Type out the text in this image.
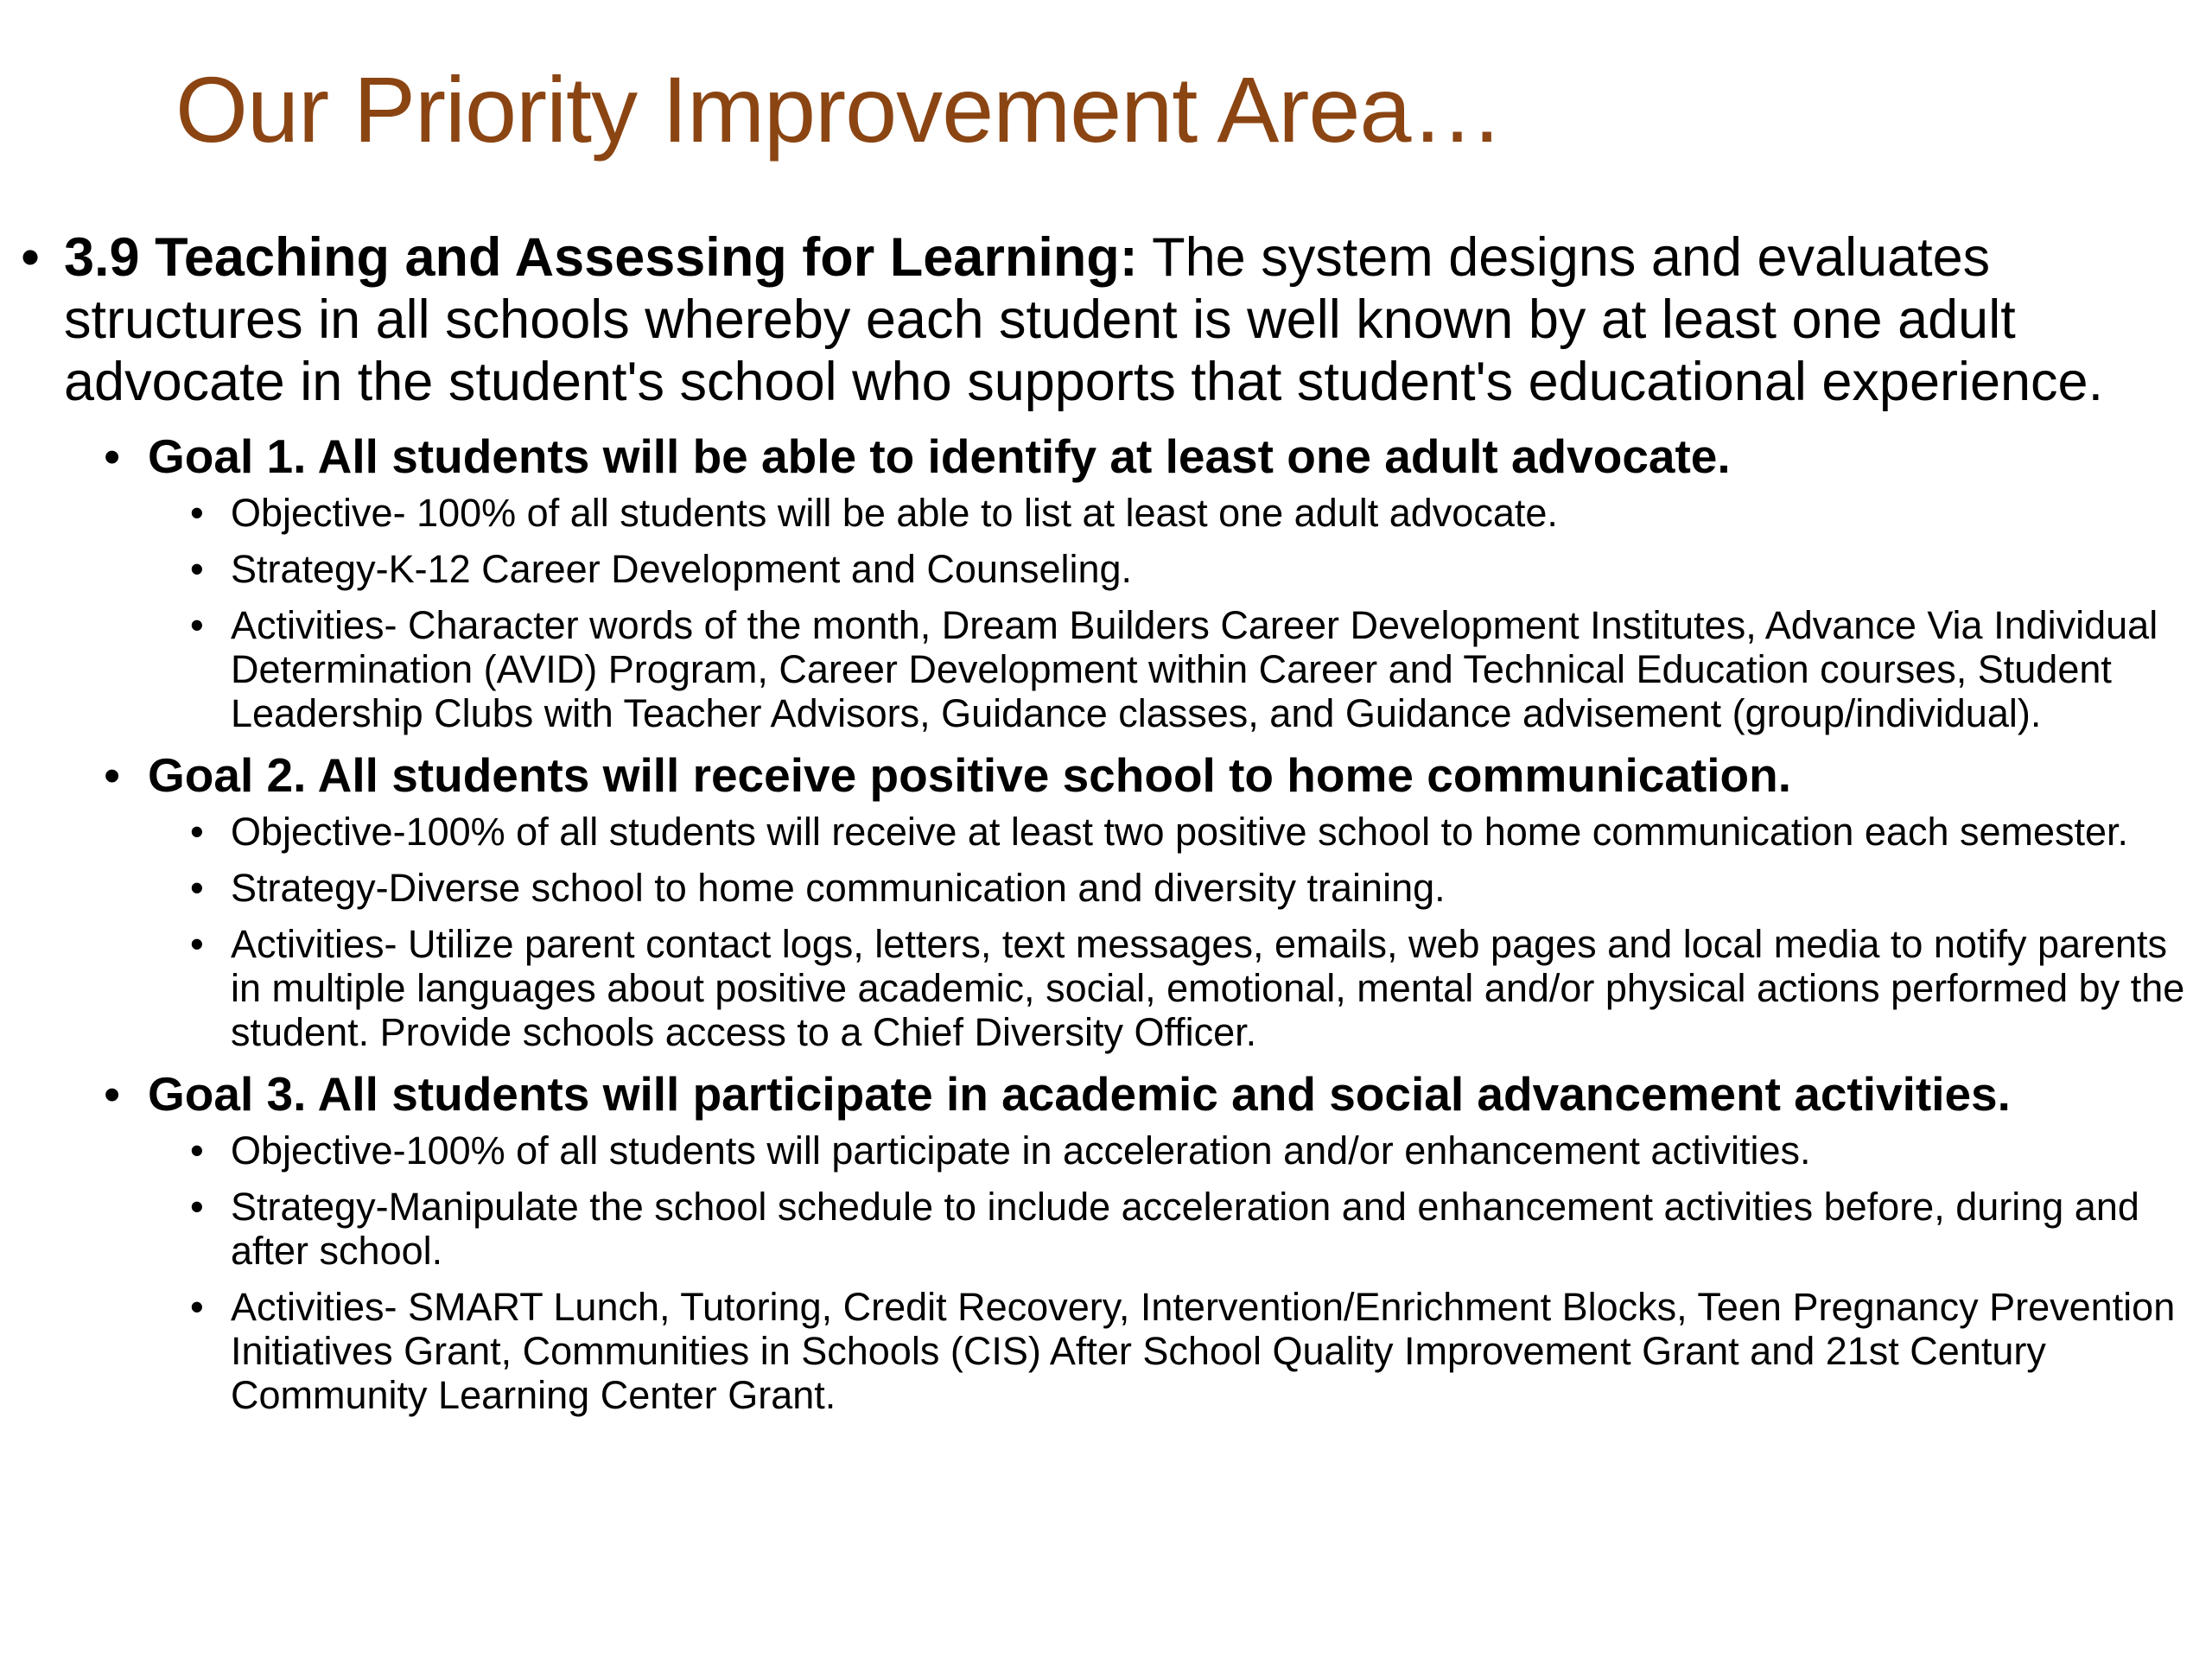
Our Priority Improvement Area…
• 3.9 Teaching and Assessing for Learning: The system designs and evaluates structures in all schools whereby each student is well known by at least one adult advocate in the student's school who supports that student's educational experience.
• Goal 1. All students will be able to identify at least one adult advocate.
• Objective- 100% of all students will be able to list at least one adult advocate.
• Strategy-K-12 Career Development and Counseling.
• Activities- Character words of the month, Dream Builders Career Development Institutes, Advance Via Individual Determination (AVID) Program, Career Development within Career and Technical Education courses, Student Leadership Clubs with Teacher Advisors, Guidance classes, and Guidance advisement (group/individual).
• Goal 2. All students will receive positive school to home communication.
• Objective-100% of all students will receive at least two positive school to home communication each semester.
• Strategy-Diverse school to home communication and diversity training.
• Activities- Utilize parent contact logs, letters, text messages, emails, web pages and local media to notify parents in multiple languages about positive academic, social, emotional, mental and/or physical actions performed by the student. Provide schools access to a Chief Diversity Officer.
• Goal 3. All students will participate in academic and social advancement activities.
• Objective-100% of all students will participate in acceleration and/or enhancement activities.
• Strategy-Manipulate the school schedule to include acceleration and enhancement activities before, during and after school.
• Activities- SMART Lunch, Tutoring, Credit Recovery, Intervention/Enrichment Blocks, Teen Pregnancy Prevention Initiatives Grant, Communities in Schools (CIS) After School Quality Improvement Grant and 21st Century Community Learning Center Grant.
